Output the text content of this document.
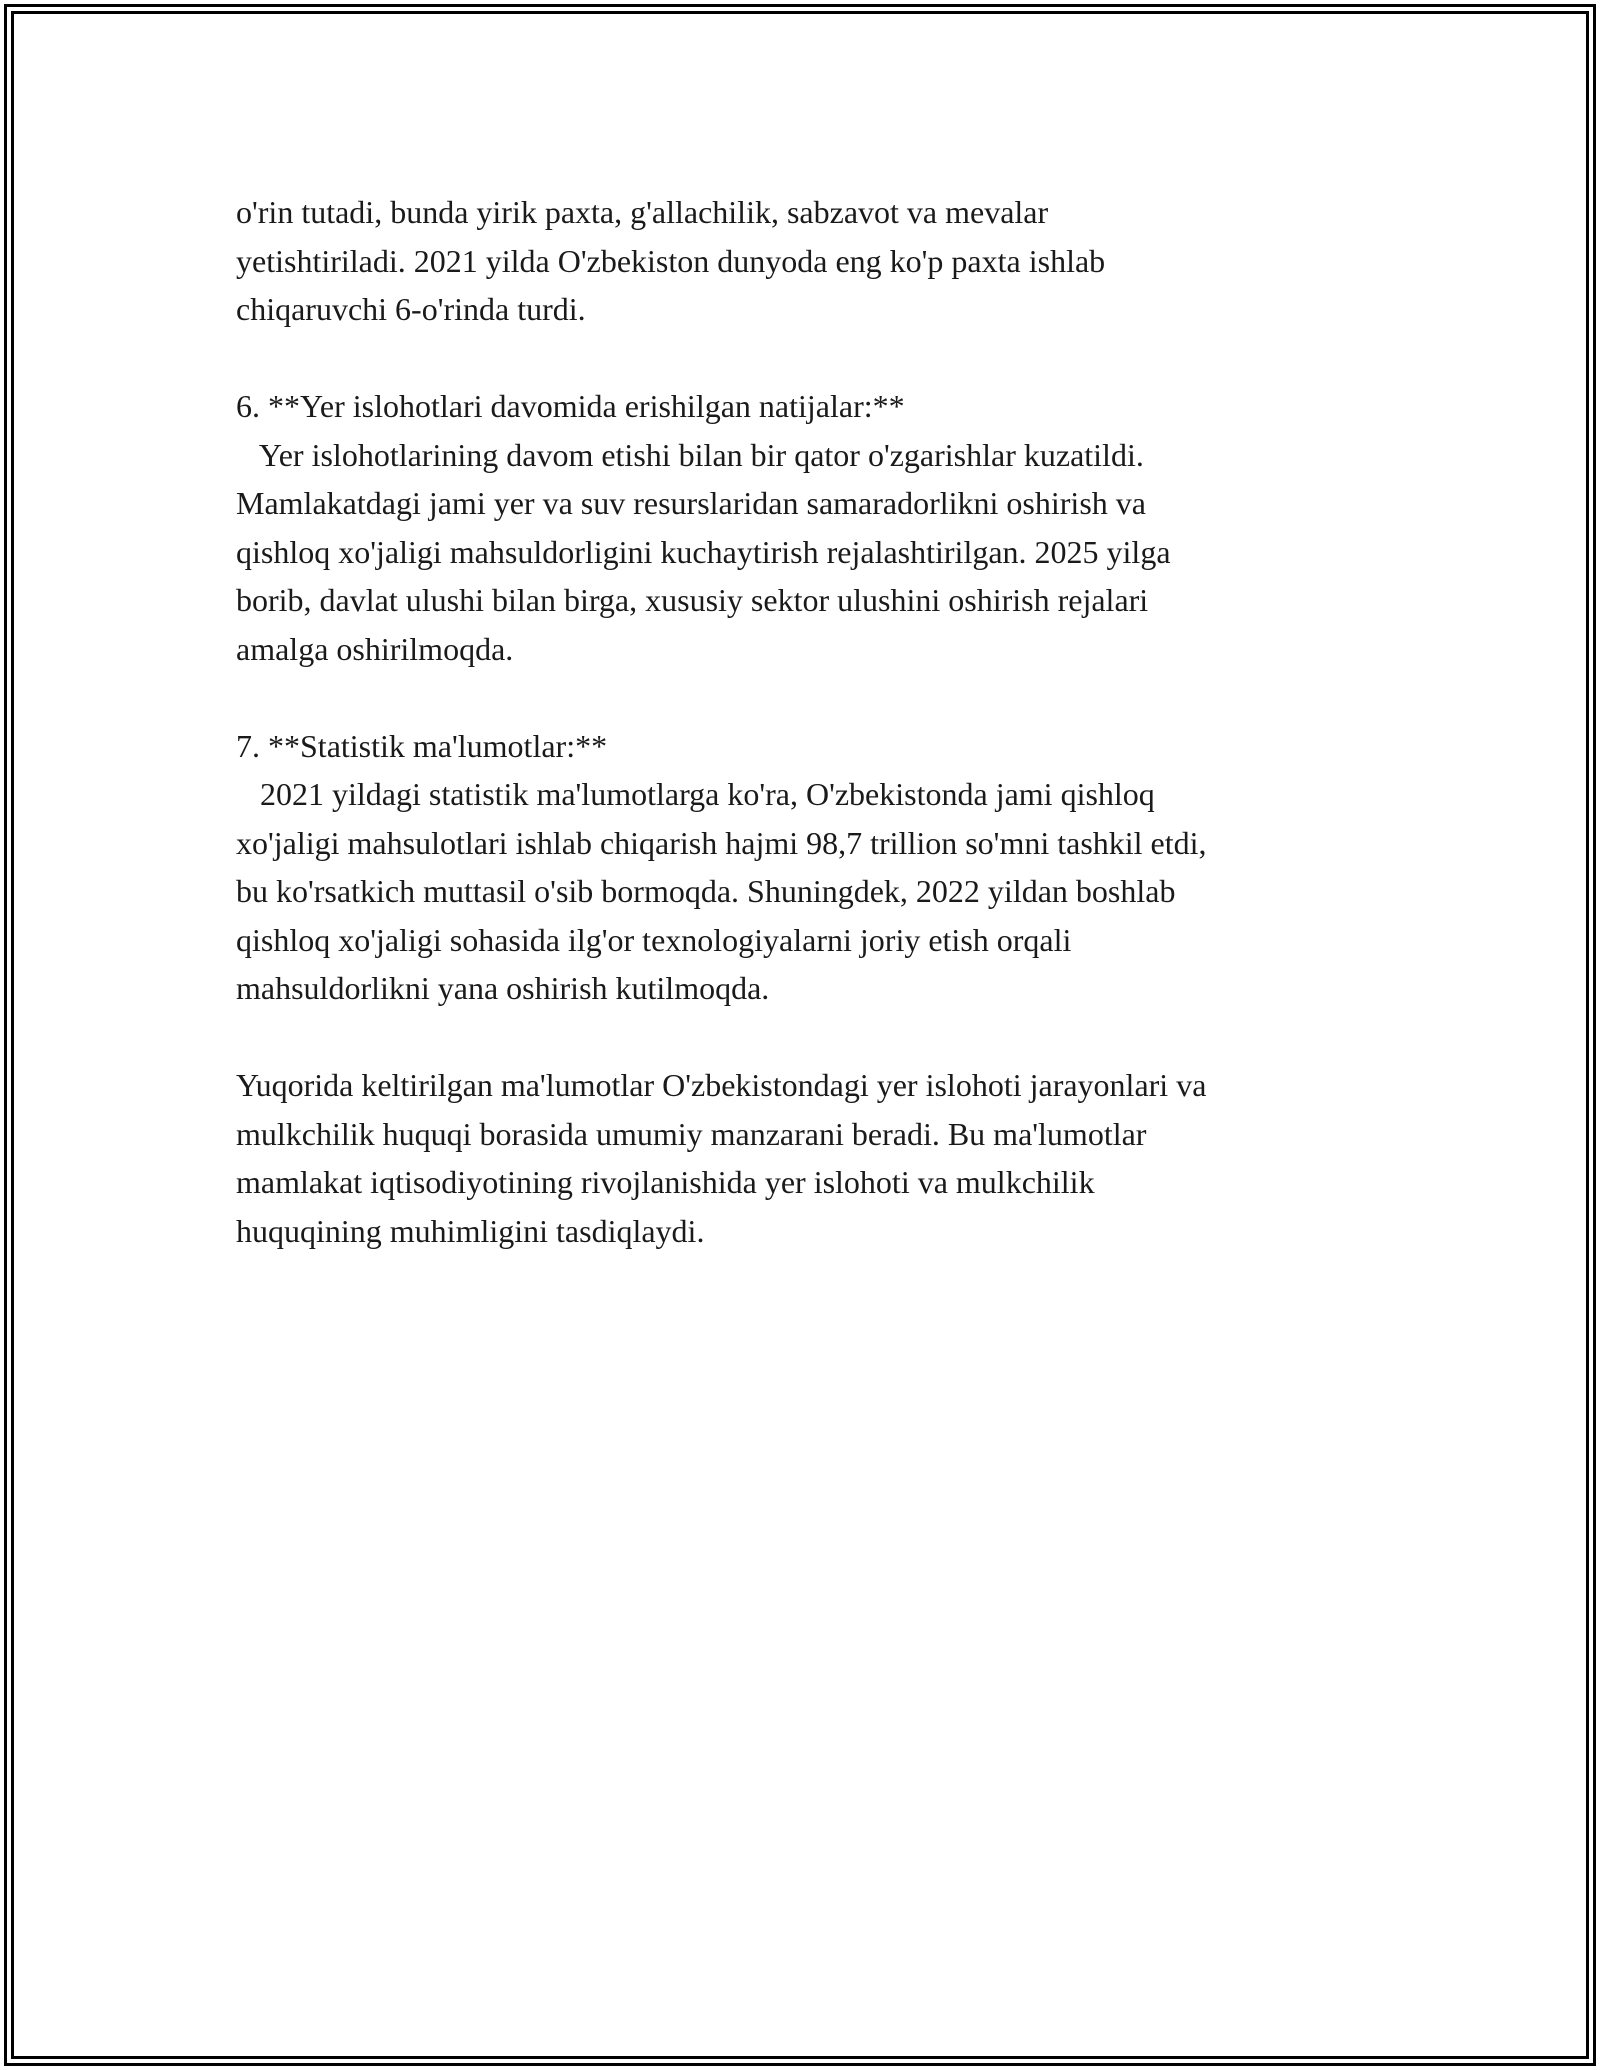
o'rin tutadi, bunda yirik paxta, g'allachilik, sabzavot va mevalar
yetishtiriladi. 2021 yilda O'zbekiston dunyoda eng ko'p paxta ishlab
chiqaruvchi 6-o'rinda turdi.

6. **Yer islohotlari davomida erishilgan natijalar:**
Yer islohotlarining davom etishi bilan bir qator o'zgarishlar kuzatildi.
Mamlakatdagi jami yer va suv resurslaridan samaradorlikni oshirish va
qishloq xo'jaligi mahsuldorligini kuchaytirish rejalashtirilgan. 2025 yilga
borib, davlat ulushi bilan birga, xususiy sektor ulushini oshirish rejalari
amalga oshirilmoqda.

7. **Statistik ma'lumotlar:**
2021 yildagi statistik ma'lumotlarga ko'ra, O'zbekistonda jami qishloq
xo'jaligi mahsulotlari ishlab chiqarish hajmi 98,7 trillion so'mni tashkil etdi,
bu ko'rsatkich muttasil o'sib bormoqda. Shuningdek, 2022 yildan boshlab
qishloq xo'jaligi sohasida ilg'or texnologiyalarni joriy etish orqali
mahsuldorlikni yana oshirish kutilmoqda.

Yuqorida keltirilgan ma'lumotlar O'zbekistondagi yer islohoti jarayonlari va
mulkchilik huquqi borasida umumiy manzarani beradi. Bu ma'lumotlar
mamlakat iqtisodiyotining rivojlanishida yer islohoti va mulkchilik
huquqining muhimligini tasdiqlaydi.
